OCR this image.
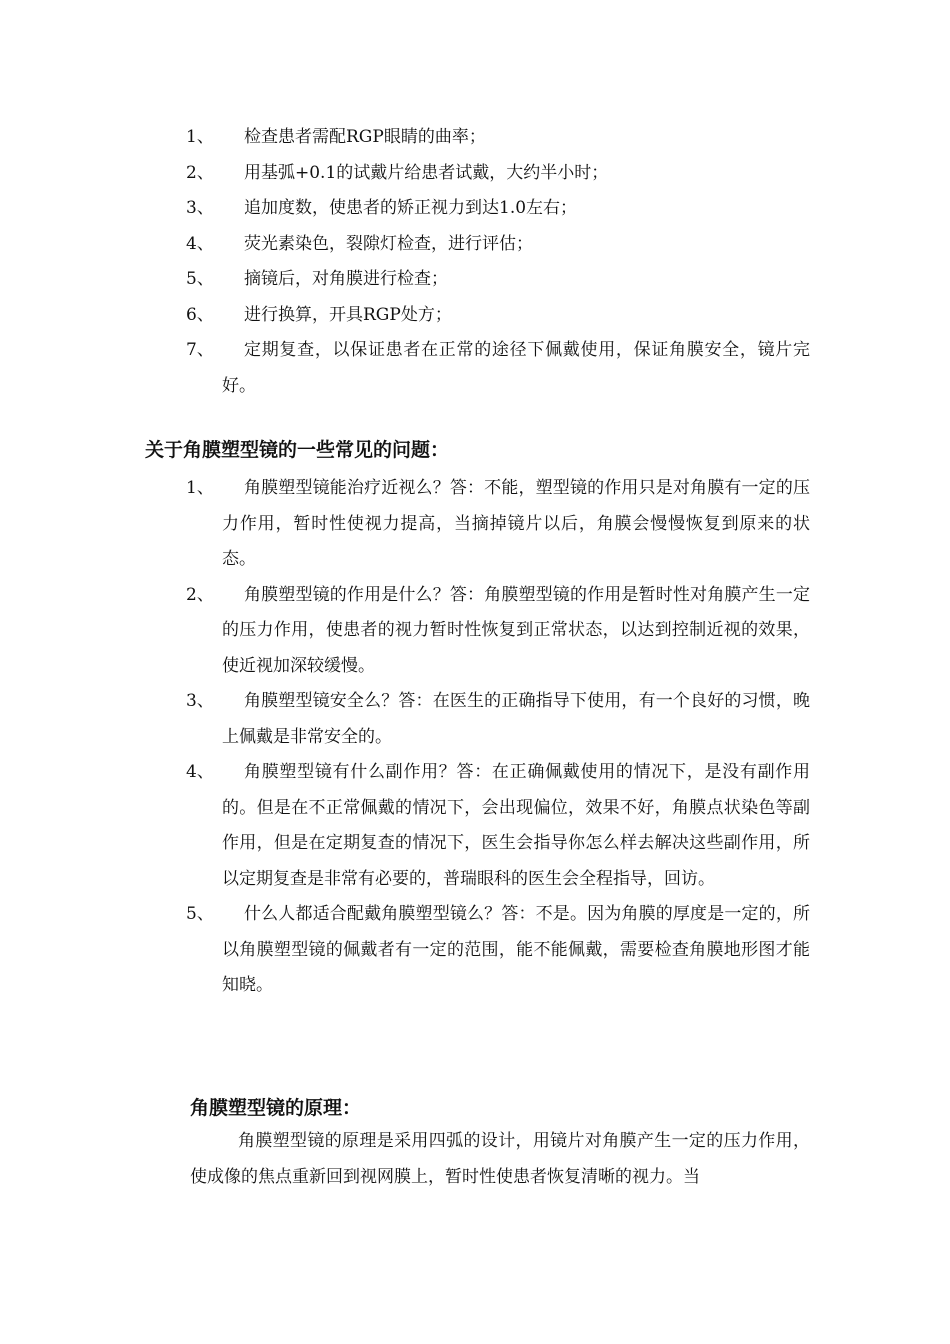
1、	检查患者需配RGP眼睛的曲率；
2、	用基弧+0.1的试戴片给患者试戴，大约半小时；
3、	追加度数，使患者的矫正视力到达1.0左右；
4、	荧光素染色，裂隙灯检查，进行评估；
5、	摘镜后，对角膜进行检查；
6、	进行换算，开具RGP处方；
7、	定期复查，以保证患者在正常的途径下佩戴使用，保证角膜安全，镜片完好。
关于角膜塑型镜的一些常见的问题：
1、	角膜塑型镜能治疗近视么？答：不能，塑型镜的作用只是对角膜有一定的压力作用，暂时性使视力提高，当摘掉镜片以后，角膜会慢慢恢复到原来的状态。
2、	角膜塑型镜的作用是什么？答：角膜塑型镜的作用是暂时性对角膜产生一定的压力作用，使患者的视力暂时性恢复到正常状态，以达到控制近视的效果，使近视加深较缓慢。
3、	角膜塑型镜安全么？答：在医生的正确指导下使用，有一个良好的习惯，晚上佩戴是非常安全的。
4、	角膜塑型镜有什么副作用？答：在正确佩戴使用的情况下，是没有副作用的。但是在不正常佩戴的情况下，会出现偏位，效果不好，角膜点状染色等副作用，但是在定期复查的情况下，医生会指导你怎么样去解决这些副作用，所以定期复查是非常有必要的，普瑞眼科的医生会全程指导，回访。
5、	什么人都适合配戴角膜塑型镜么？答：不是。因为角膜的厚度是一定的，所以角膜塑型镜的佩戴者有一定的范围，能不能佩戴，需要检查角膜地形图才能知晓。
角膜塑型镜的原理：
角膜塑型镜的原理是采用四弧的设计，用镜片对角膜产生一定的压力作用，使成像的焦点重新回到视网膜上，暂时性使患者恢复清晰的视力。当
